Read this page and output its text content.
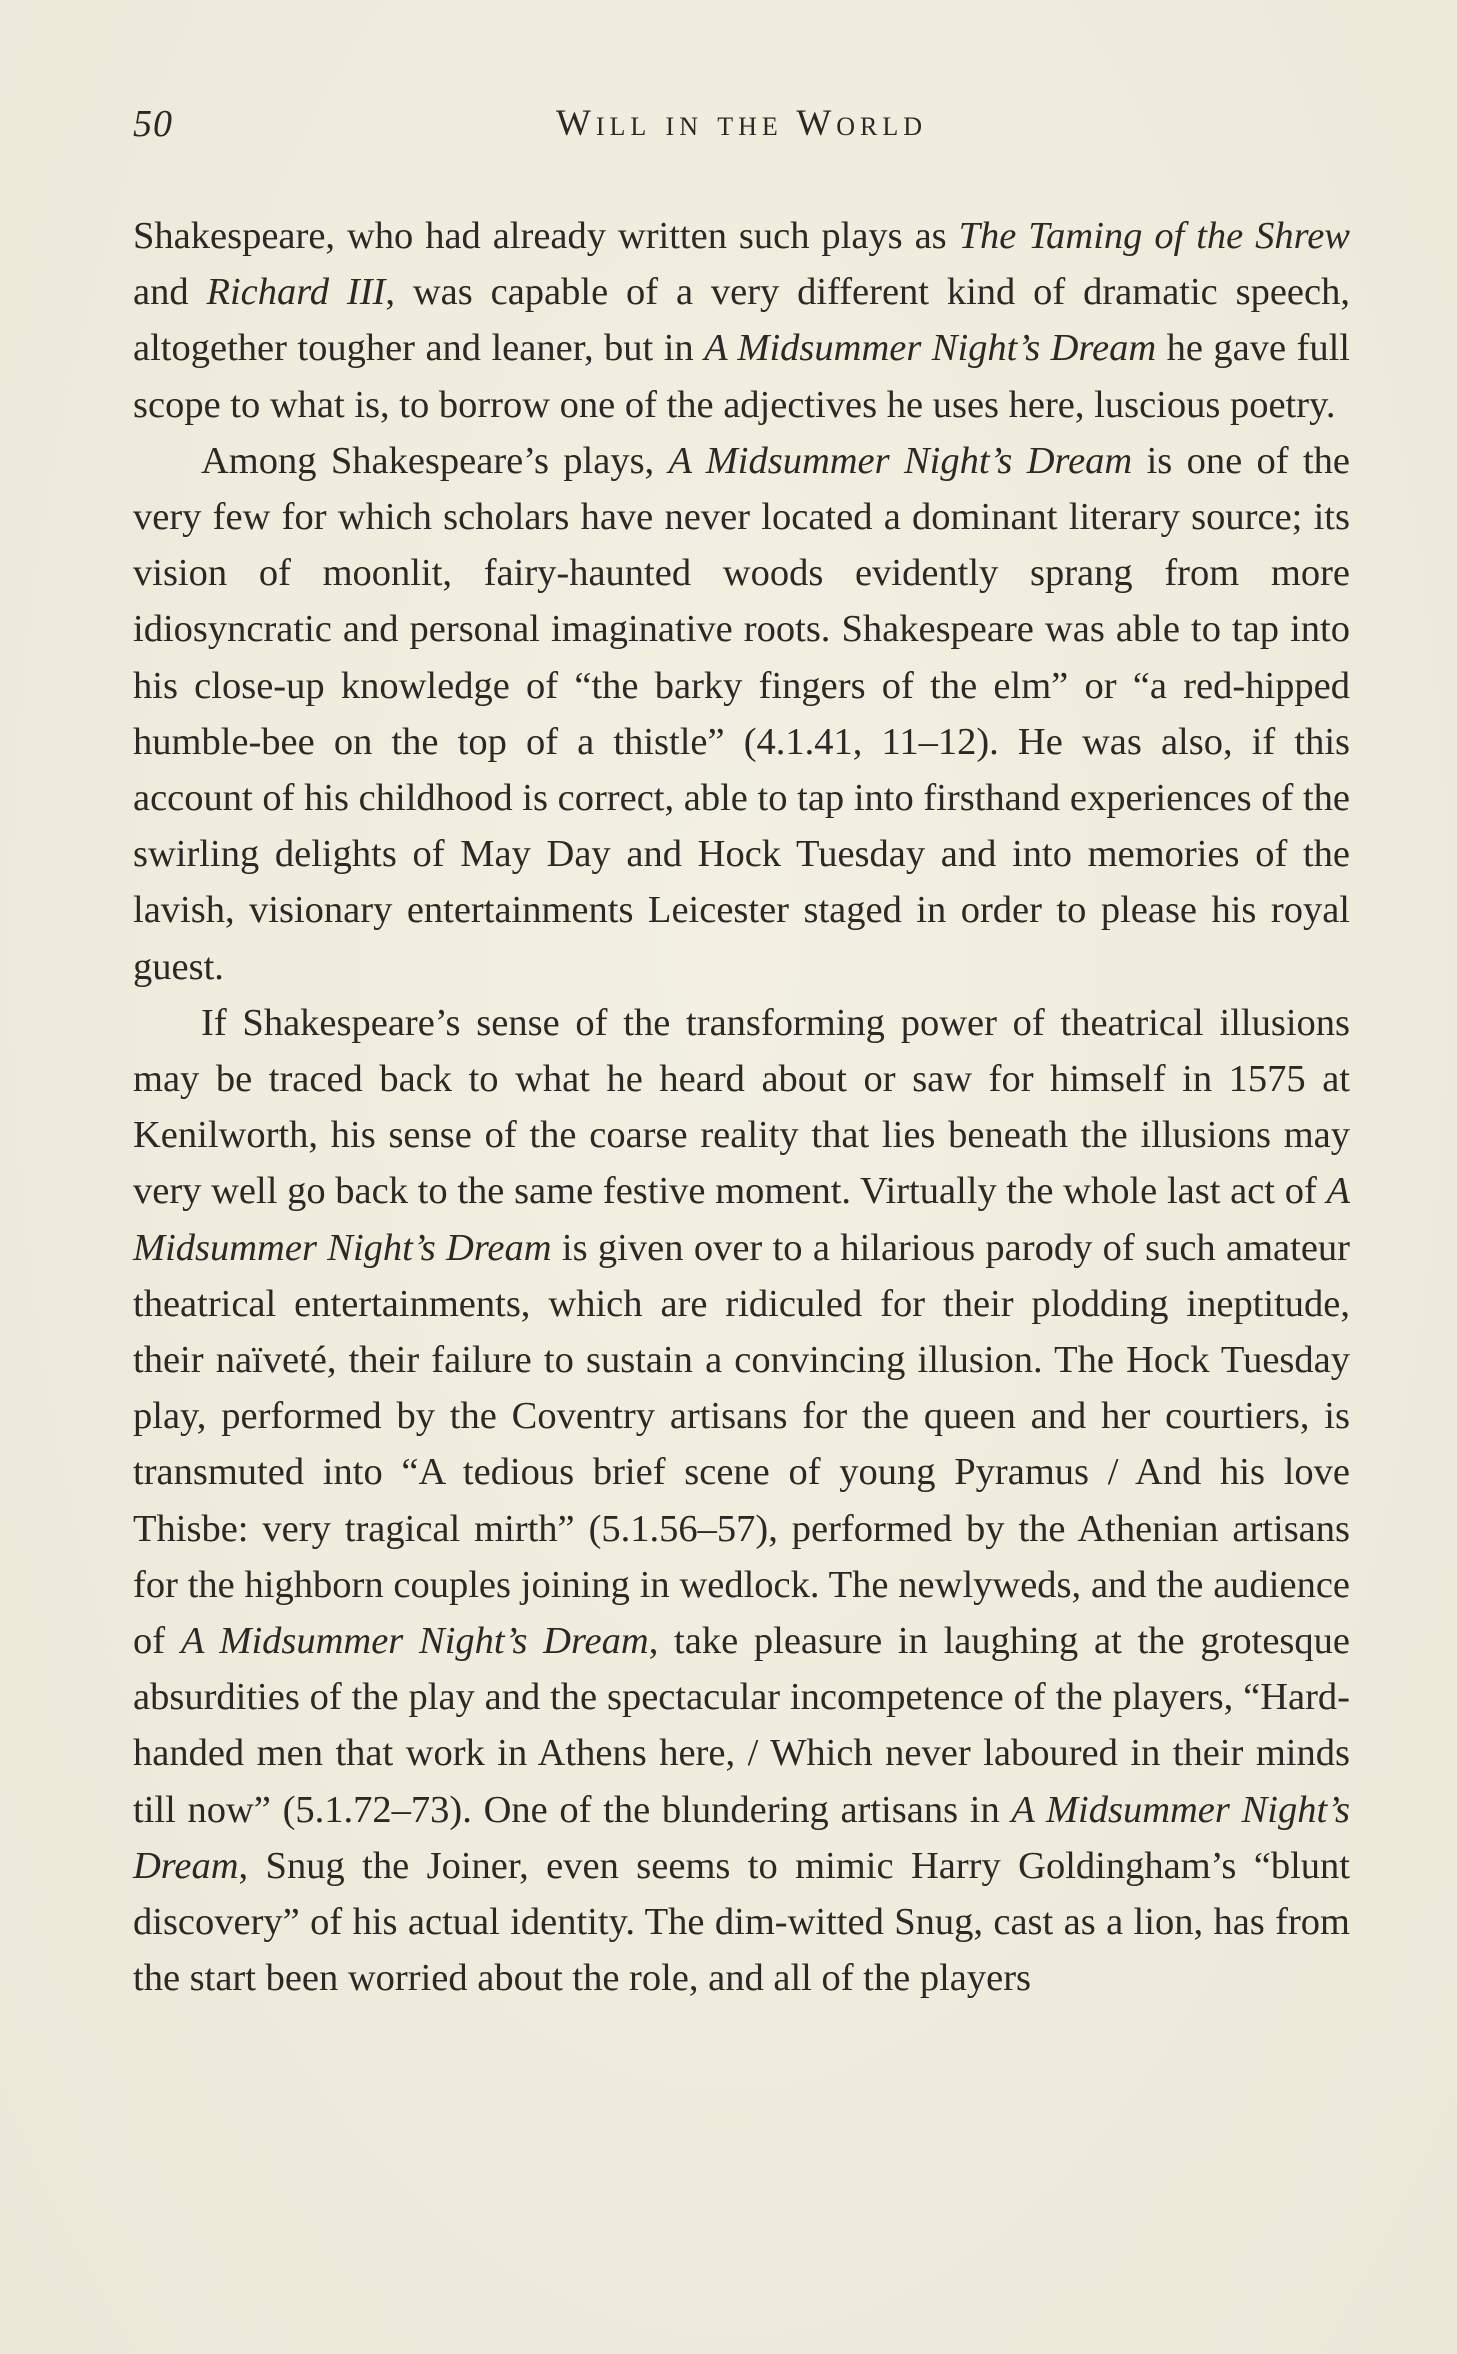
50	Will in the World

Shakespeare, who had already written such plays as The Taming of the Shrew and Richard III, was capable of a very different kind of dramatic speech, altogether tougher and leaner, but in A Midsummer Night’s Dream he gave full scope to what is, to borrow one of the adjectives he uses here, luscious poetry.

Among Shakespeare’s plays, A Midsummer Night’s Dream is one of the very few for which scholars have never located a dominant literary source; its vision of moonlit, fairy-haunted woods evidently sprang from more idiosyncratic and personal imaginative roots. Shakespeare was able to tap into his close-up knowledge of “the barky fingers of the elm” or “a red-hipped humble-bee on the top of a thistle” (4.1.41, 11–12). He was also, if this account of his childhood is correct, able to tap into firsthand experiences of the swirling delights of May Day and Hock Tuesday and into memories of the lavish, visionary entertainments Leicester staged in order to please his royal guest.

If Shakespeare’s sense of the transforming power of theatrical illusions may be traced back to what he heard about or saw for himself in 1575 at Kenilworth, his sense of the coarse reality that lies beneath the illusions may very well go back to the same festive moment. Virtually the whole last act of A Midsummer Night’s Dream is given over to a hilarious parody of such amateur theatrical entertainments, which are ridiculed for their plodding ineptitude, their naïveté, their failure to sustain a convincing illusion. The Hock Tuesday play, performed by the Coventry artisans for the queen and her courtiers, is transmuted into “A tedious brief scene of young Pyramus / And his love Thisbe: very tragical mirth” (5.1.56–57), performed by the Athenian artisans for the highborn couples joining in wedlock. The newlyweds, and the audience of A Midsummer Night’s Dream, take pleasure in laughing at the grotesque absurdities of the play and the spectacular incompetence of the players, “Hard-handed men that work in Athens here, / Which never laboured in their minds till now” (5.1.72–73). One of the blundering artisans in A Midsummer Night’s Dream, Snug the Joiner, even seems to mimic Harry Goldingham’s “blunt discovery” of his actual identity. The dim-witted Snug, cast as a lion, has from the start been worried about the role, and all of the players
